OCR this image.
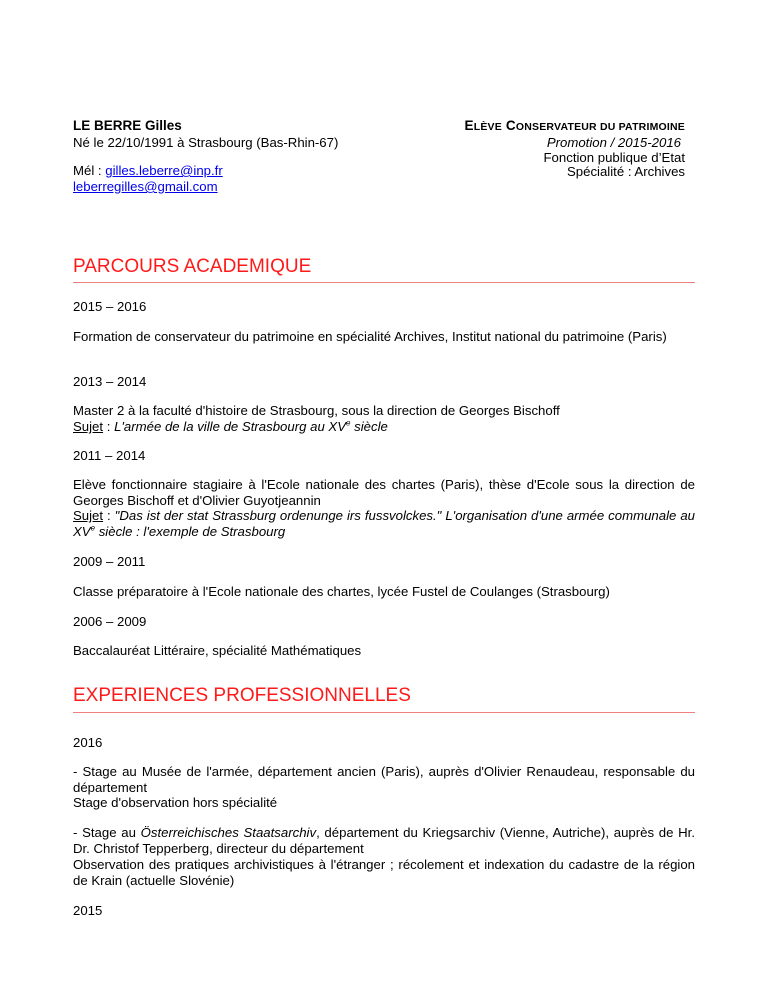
LE BERRE Gilles
Né le 22/10/1991 à Strasbourg (Bas-Rhin-67)
Mél : gilles.leberre@inp.fr
leberregilles@gmail.com
ELÈVE CONSERVATEUR DU PATRIMOINE
Promotion / 2015-2016
Fonction publique d’Etat
Spécialité : Archives
PARCOURS ACADEMIQUE
2015 – 2016
Formation de conservateur du patrimoine en spécialité Archives, Institut national du patrimoine (Paris)
2013 – 2014
Master 2 à la faculté d'histoire de Strasbourg, sous la direction de Georges Bischoff
Sujet : L'armée de la ville de Strasbourg au XVe siècle
2011 – 2014
Elève fonctionnaire stagiaire à l'Ecole nationale des chartes (Paris), thèse d'Ecole sous la direction de Georges Bischoff et d'Olivier Guyotjeannin
Sujet : "Das ist der stat Strassburg ordenunge irs fussvolckes." L'organisation d'une armée communale au XVe siècle : l'exemple de Strasbourg
2009 – 2011
Classe préparatoire à l'Ecole nationale des chartes, lycée Fustel de Coulanges (Strasbourg)
2006 – 2009
Baccalauréat Littéraire, spécialité Mathématiques
EXPERIENCES PROFESSIONNELLES
2016
- Stage au Musée de l'armée, département ancien (Paris), auprès d'Olivier Renaudeau, responsable du département
Stage d'observation hors spécialité
- Stage au Österreichisches Staatsarchiv, département du Kriegsarchiv (Vienne, Autriche), auprès de Hr. Dr. Christof Tepperberg, directeur du département
Observation des pratiques archivistiques à l'étranger ; récolement et indexation du cadastre de la région de Krain (actuelle Slovénie)
2015
